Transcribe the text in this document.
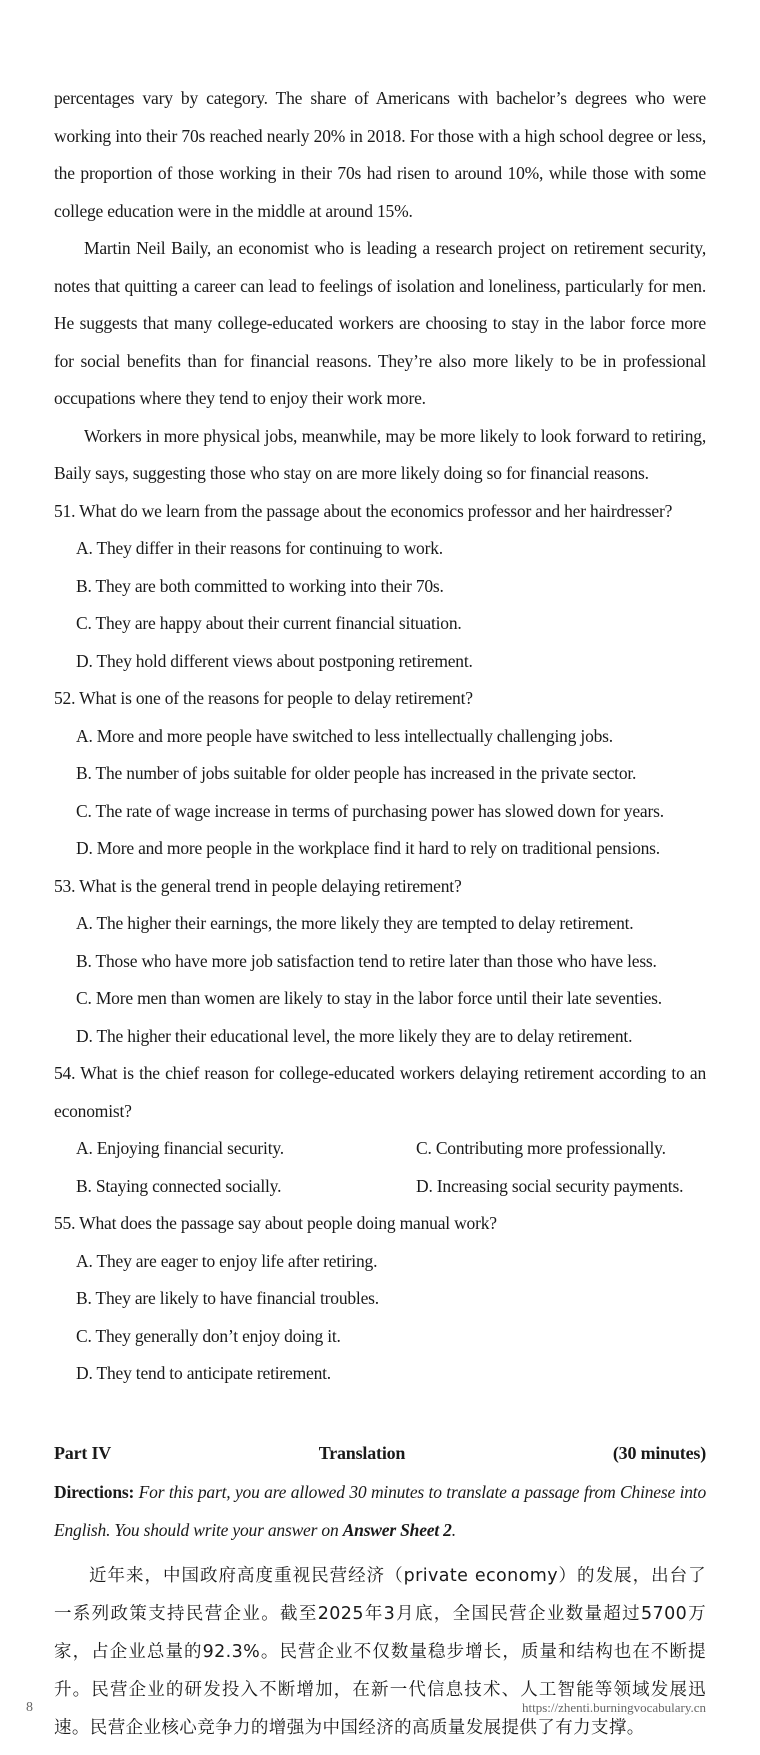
percentages vary by category. The share of Americans with bachelor’s degrees who were working into their 70s reached nearly 20% in 2018. For those with a high school degree or less, the proportion of those working in their 70s had risen to around 10%, while those with some college education were in the middle at around 15%.

Martin Neil Baily, an economist who is leading a research project on retirement security, notes that quitting a career can lead to feelings of isolation and loneliness, particularly for men. He suggests that many college-educated workers are choosing to stay in the labor force more for social benefits than for financial reasons. They’re also more likely to be in professional occupations where they tend to enjoy their work more.

Workers in more physical jobs, meanwhile, may be more likely to look forward to retiring, Baily says, suggesting those who stay on are more likely doing so for financial reasons.

51. What do we learn from the passage about the economics professor and her hairdresser?

A. They differ in their reasons for continuing to work.

B. They are both committed to working into their 70s.

C. They are happy about their current financial situation.

D. They hold different views about postponing retirement.

52. What is one of the reasons for people to delay retirement?

A. More and more people have switched to less intellectually challenging jobs.

B. The number of jobs suitable for older people has increased in the private sector.

C. The rate of wage increase in terms of purchasing power has slowed down for years.

D. More and more people in the workplace find it hard to rely on traditional pensions.

53. What is the general trend in people delaying retirement?

A. The higher their earnings, the more likely they are tempted to delay retirement.

B. Those who have more job satisfaction tend to retire later than those who have less.

C. More men than women are likely to stay in the labor force until their late seventies.

D. The higher their educational level, the more likely they are to delay retirement.

54. What is the chief reason for college-educated workers delaying retirement according to an economist?

A. Enjoying financial security.	C. Contributing more professionally.
B. Staying connected socially.	D. Increasing social security payments.

55. What does the passage say about people doing manual work?

A. They are eager to enjoy life after retiring.

B. They are likely to have financial troubles.

C. They generally don’t enjoy doing it.

D. They tend to anticipate retirement.

Part IV	Translation	(30 minutes)

Directions: For this part, you are allowed 30 minutes to translate a passage from Chinese into English. You should write your answer on Answer Sheet 2.

近年来，中国政府高度重视民营经济（private economy）的发展，出台了一系列政策支持民营企业。截至2025年3月底，全国民营企业数量超过5700万家，占企业总量的92.3%。民营企业不仅数量稳步增长，质量和结构也在不断提升。民营企业的研发投入不断增加，在新一代信息技术、人工智能等领域发展迅速。民营企业核心竞争力的增强为中国经济的高质量发展提供了有力支撑。

8	https://zhenti.burningvocabulary.cn
